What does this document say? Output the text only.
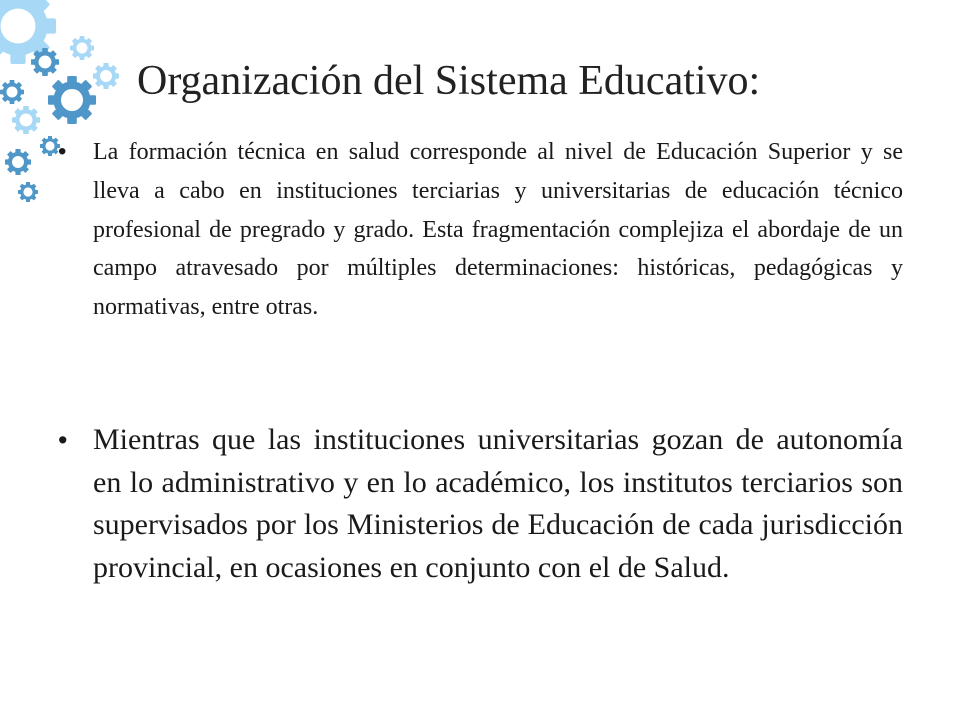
Organización del Sistema Educativo:
• La formación técnica en salud corresponde al nivel de Educación Superior y se lleva a cabo en instituciones terciarias y universitarias de educación técnico profesional de pregrado y grado. Esta fragmentación complejiza el abordaje de un campo atravesado por múltiples determinaciones: históricas, pedagógicas y normativas, entre otras.
• Mientras que las instituciones universitarias gozan de autonomía en lo administrativo y en lo académico, los institutos terciarios son supervisados por los Ministerios de Educación de cada jurisdicción provincial, en ocasiones en conjunto con el de Salud.
